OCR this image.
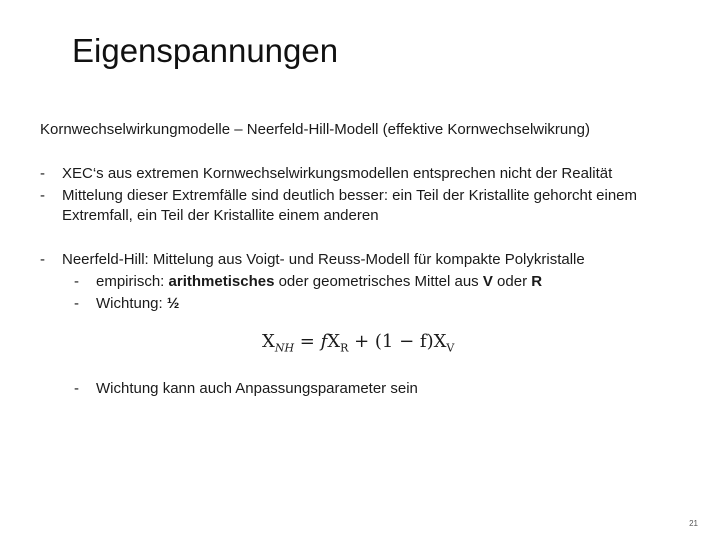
Eigenspannungen
Kornwechselwirkungmodelle – Neerfeld-Hill-Modell (effektive Kornwechselwikrung)
- XEC‘s aus extremen Kornwechselwirkungsmodellen entsprechen nicht der Realität
- Mittelung dieser Extremfälle sind deutlich besser: ein Teil der Kristallite gehorcht einem Extremfall, ein Teil der Kristallite einem anderen
- Neerfeld-Hill: Mittelung aus Voigt- und Reuss-Modell für kompakte Polykristalle
- empirisch: arithmetisches oder geometrisches Mittel aus V oder R
- Wichtung: ½
$X_{NH} = fX_R + (1 - f)X_V$
- Wichtung kann auch Anpassungsparameter sein
21
